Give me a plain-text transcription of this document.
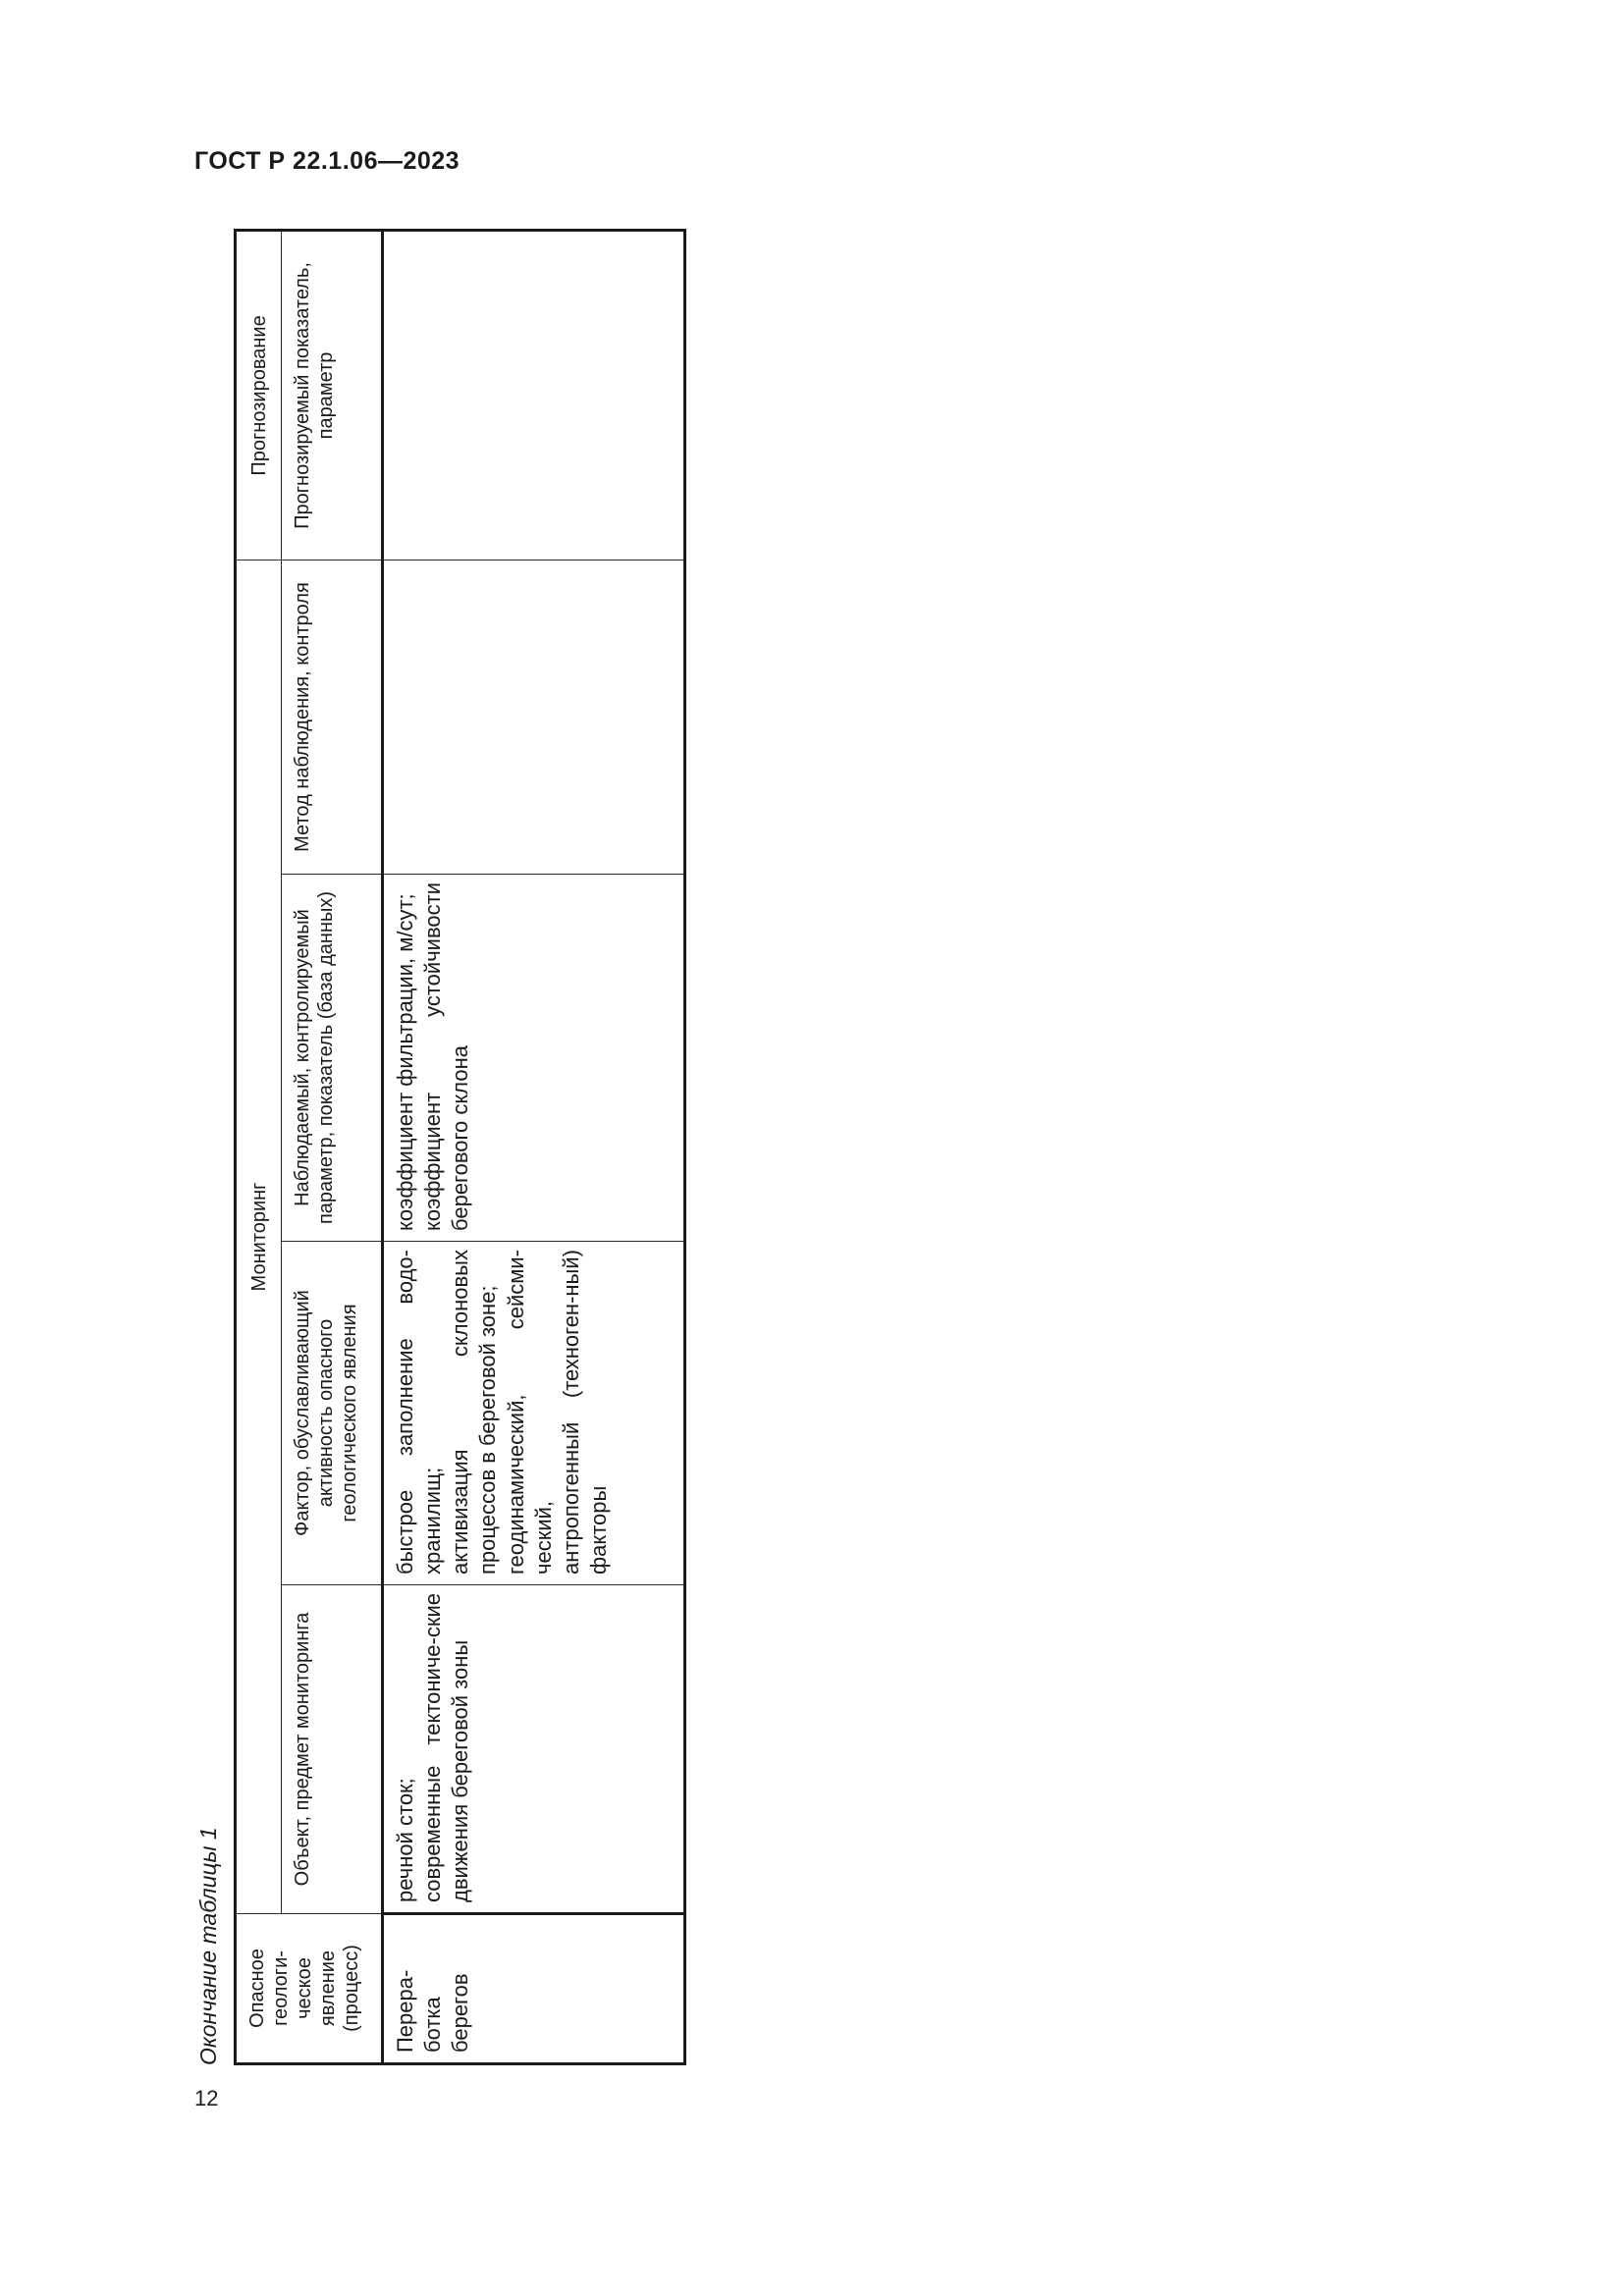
ГОСТ Р 22.1.06—2023
12
Окончание таблицы 1 Опасное геологи-ческое явление (процесс)	Мониторинг				Прогнозирование
	Объект, предмет мониторинга	Фактор, обуславливающий активность опасного геологического явления	Наблюдаемый, контролируемый параметр, показатель (база данных)	Метод наблюдения, контроля	Прогнозируемый показатель, параметр

Перера-ботка берегов	речной сток; современные тектониче-ские движения береговой зоны	быстрое заполнение водо-хранилищ; активизация склоновых процессов в береговой зоне; геодинамический, сейсми-ческий, антропогенный (техноген-ный) факторы	коэффициент фильтрации, м/сут; коэффициент устойчивости берегового склона		
